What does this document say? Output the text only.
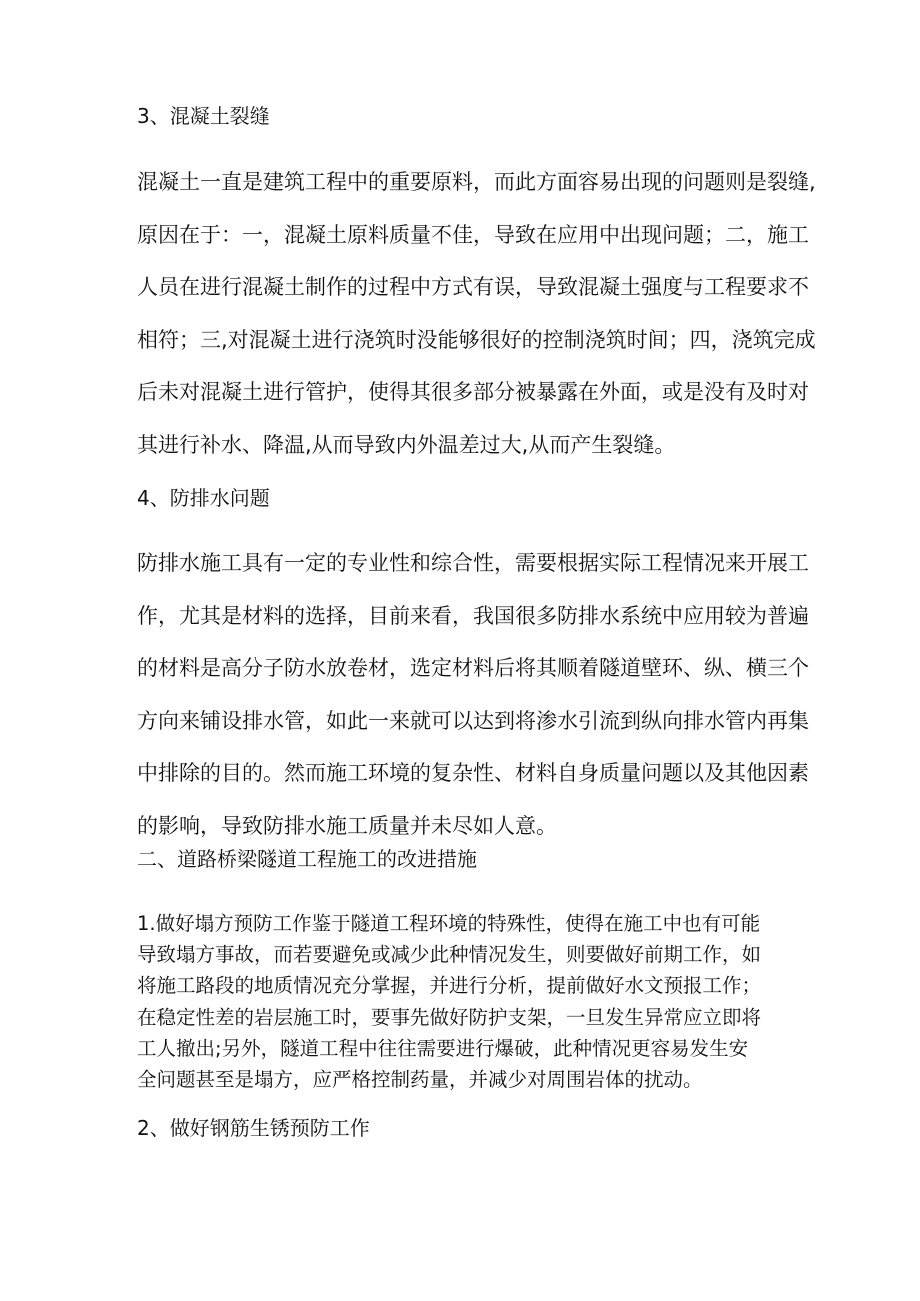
3、混凝土裂缝
混凝土一直是建筑工程中的重要原料，而此方面容易出现的问题则是裂缝,
原因在于：一，混凝土原料质量不佳，导致在应用中出现问题；二，施工
人员在进行混凝土制作的过程中方式有误，导致混凝土强度与工程要求不
相符；三,对混凝土进行浇筑时没能够很好的控制浇筑时间；四，浇筑完成
后未对混凝土进行管护，使得其很多部分被暴露在外面，或是没有及时对
其进行补水、降温,从而导致内外温差过大,从而产生裂缝。
4、防排水问题
防排水施工具有一定的专业性和综合性，需要根据实际工程情况来开展工
作，尤其是材料的选择，目前来看，我国很多防排水系统中应用较为普遍
的材料是高分子防水放卷材，选定材料后将其顺着隧道壁环、纵、横三个
方向来铺设排水管，如此一来就可以达到将渗水引流到纵向排水管内再集
中排除的目的。然而施工环境的复杂性、材料自身质量问题以及其他因素
的影响，导致防排水施工质量并未尽如人意。
二、道路桥梁隧道工程施工的改进措施
1.做好塌方预防工作鉴于隧道工程环境的特殊性，使得在施工中也有可能
导致塌方事故，而若要避免或减少此种情况发生，则要做好前期工作，如
将施工路段的地质情况充分掌握，并进行分析，提前做好水文预报工作；
在稳定性差的岩层施工时，要事先做好防护支架，一旦发生异常应立即将
工人撤出;另外，隧道工程中往往需要进行爆破，此种情况更容易发生安
全问题甚至是塌方，应严格控制药量，并减少对周围岩体的扰动。
2、做好钢筋生锈预防工作
